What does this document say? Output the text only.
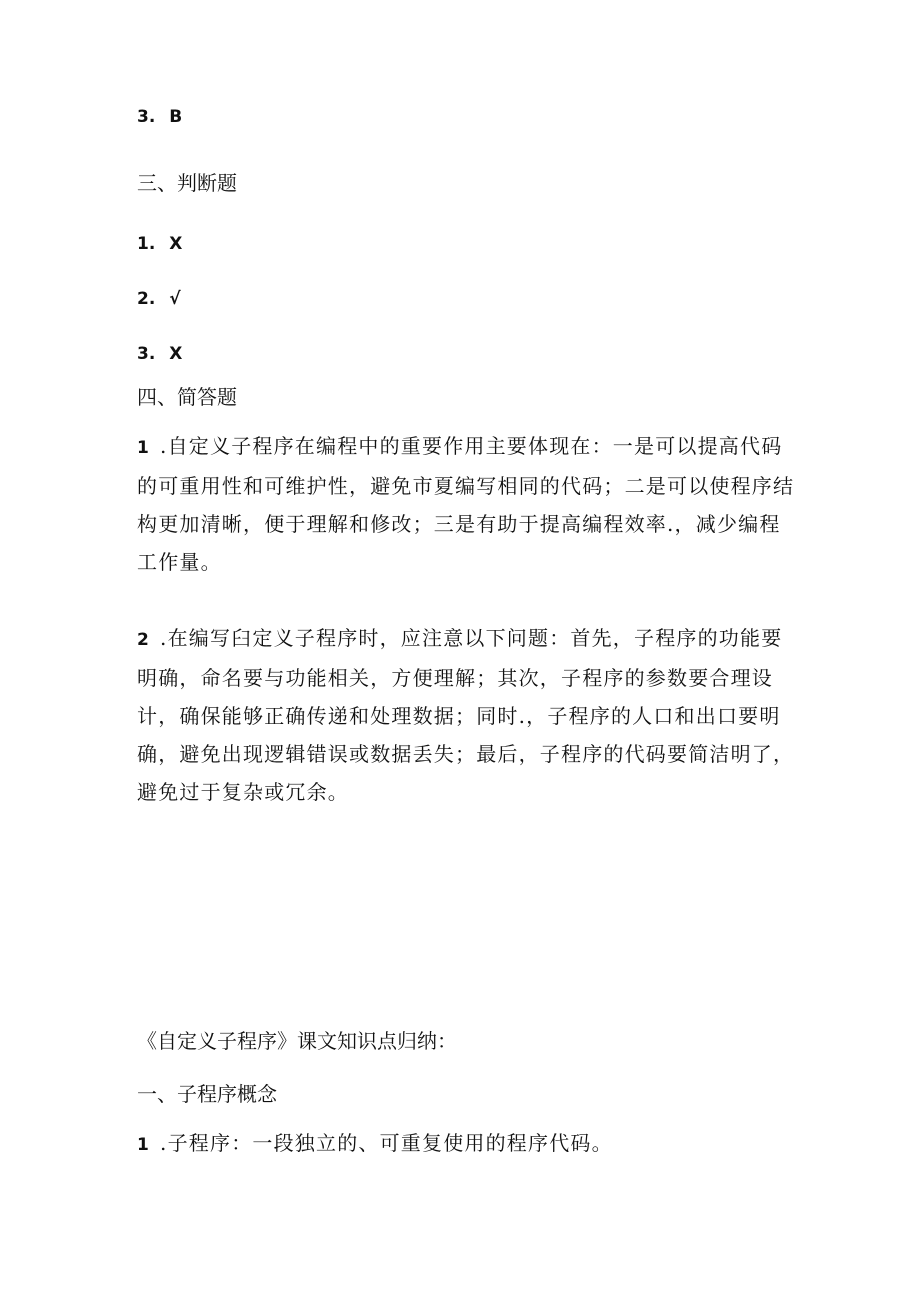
3. B
三、判断题
1. X
2. √
3. X
四、简答题
1 .自定义子程序在编程中的重要作用主要体现在：一是可以提高代码的可重用性和可维护性，避免市夏编写相同的代码；二是可以使程序结构更加清晰，便于理解和修改；三是有助于提高编程效率.，减少编程工作量。
2 .在编写臼定义子程序时，应注意以下问题：首先，子程序的功能要明确，命名要与功能相关，方便理解；其次，子程序的参数要合理设计，确保能够正确传递和处理数据；同时.，子程序的人口和出口要明确，避免出现逻辑错误或数据丢失；最后，子程序的代码要简洁明了，避免过于复杂或冗余。
《自定义子程序》课文知识点归纳：
一、子程序概念
1 .子程序：一段独立的、可重复使用的程序代码。
